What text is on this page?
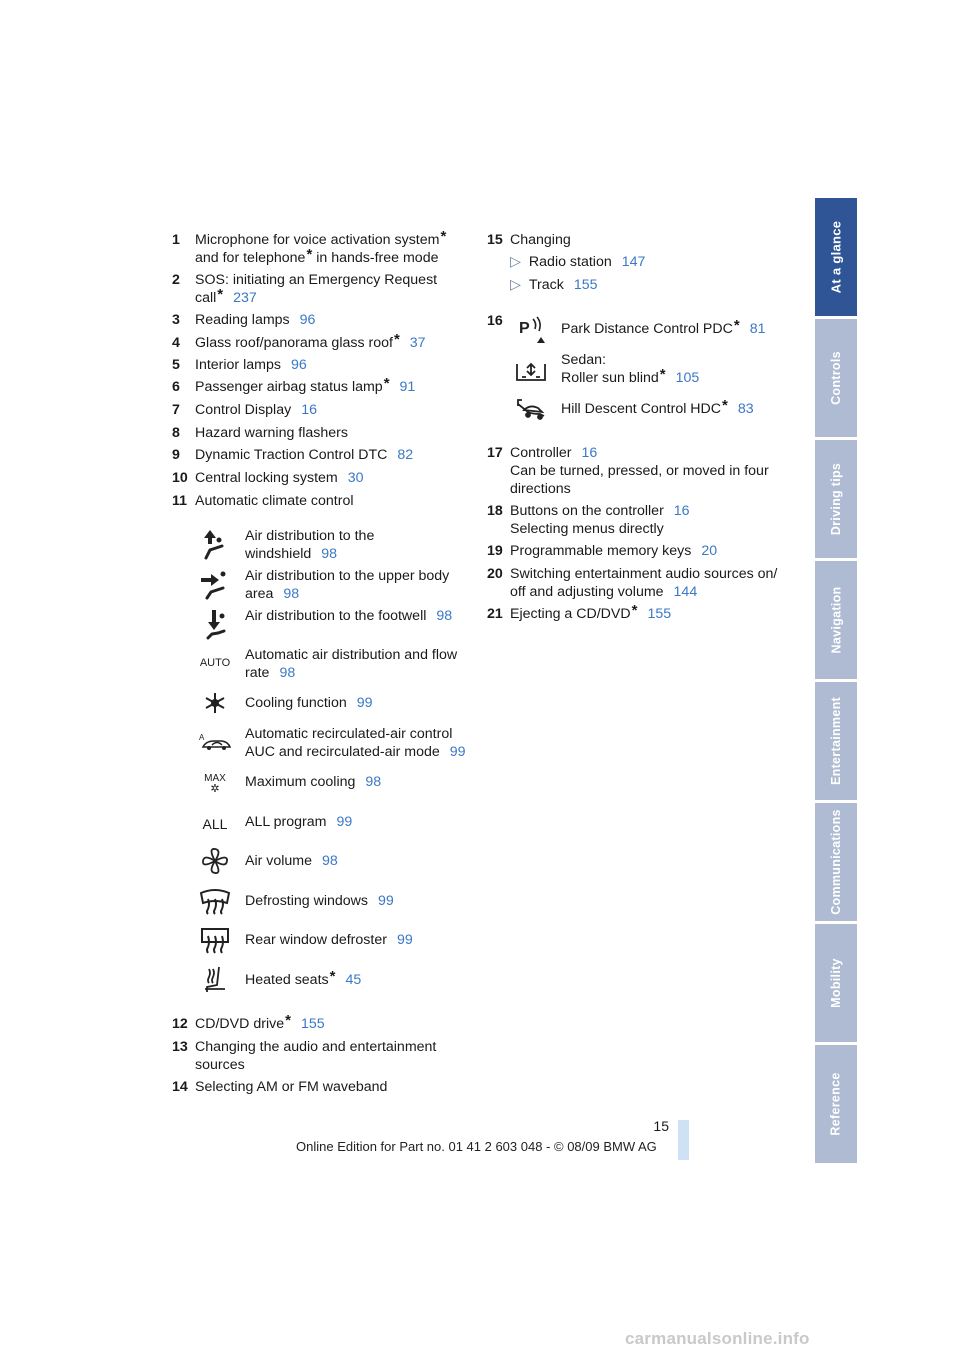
1 Microphone for voice activation system*
and for telephone* in hands-free mode
2 SOS: initiating an Emergency Request
call* 237
3 Reading lamps 96
4 Glass roof/panorama glass roof* 37
5 Interior lamps 96
6 Passenger airbag status lamp* 91
7 Control Display 16
8 Hazard warning flashers
9 Dynamic Traction Control DTC 82
10 Central locking system 30
11 Automatic climate control
Air distribution to the
windshield 98
Air distribution to the upper body
area 98
Air distribution to the footwell 98
AUTO Automatic air distribution and flow
rate 98
Cooling function 99
A	Automatic recirculated-air control
AUC and recirculated-air mode 99
MAX
✲ Maximum cooling 98
ALL	ALL program 99
Air volume 98
Defrosting windows 99
Rear window defroster 99
Heated seats* 45
12 CD/DVD drive* 155
13 Changing the audio and entertainment
sources
14 Selecting AM or FM waveband
15 Changing
▷ Radio station 147
▷ Track 155
16 P Park Distance Control PDC* 81
Sedan:
Roller sun blind* 105
Hill Descent Control HDC* 83
17 Controller 16
Can be turned, pressed, or moved in four
directions
18 Buttons on the controller 16
Selecting menus directly
19 Programmable memory keys 20
20 Switching entertainment audio sources on/
off and adjusting volume 144
21 Ejecting a CD/DVD* 155
At a glance
Controls
Driving tips
Navigation
Entertainment
Communications
Mobility
Reference
15
Online Edition for Part no. 01 41 2 603 048 - © 08/09 BMW AG
carmanualsonline.info
